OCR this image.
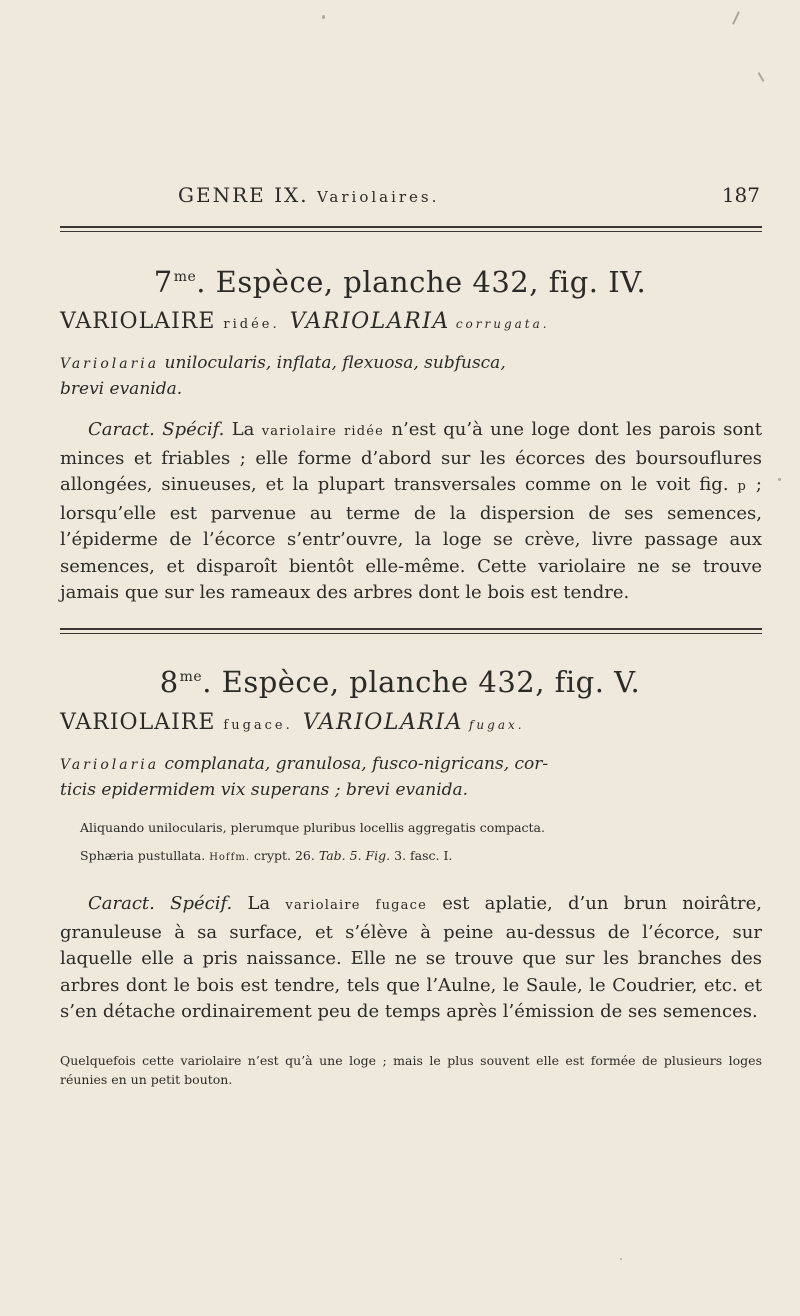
GENRE IX. Variolaires.	187
$7^{me}$. Espèce, planche 432, fig. IV.
VARIOLAIRE ridée. VARIOLARIA corrugata.
Variolaria unilocularis, inflata, flexuosa, subfusca,
brevi evanida.
Caract. Spécif. La variolaire ridée n’est qu’à une loge dont les parois sont minces et friables ; elle forme d’abord sur les écorces des boursouflures allongées, sinueuses, et la plupart transversales comme on le voit fig. p ; lorsqu’elle est parvenue au terme de la dispersion de ses semences, l’épiderme de l’écorce s’entr’ouvre, la loge se crève, livre passage aux semences, et disparoît bientôt elle-même. Cette variolaire ne se trouve jamais que sur les rameaux des arbres dont le bois est tendre.
$8^{me}$. Espèce, planche 432, fig. V.
VARIOLAIRE fugace. VARIOLARIA fugax.
Variolaria complanata, granulosa, fusco-nigricans, cor-
ticis epidermidem vix superans ; brevi evanida.
Aliquando unilocularis, plerumque pluribus locellis aggregatis compacta.
Sphæria pustullata. Hoffm. crypt. 26. Tab. 5. Fig. 3. fasc. I.
Caract. Spécif. La variolaire fugace est aplatie, d’un brun noirâtre, granuleuse à sa surface, et s’élève à peine au-dessus de l’écorce, sur laquelle elle a pris naissance. Elle ne se trouve que sur les branches des arbres dont le bois est tendre, tels que l’Aulne, le Saule, le Coudrier, etc. et s’en détache ordinairement peu de temps après l’émission de ses semences.
Quelquefois cette variolaire n’est qu’à une loge ; mais le plus souvent elle est formée de plusieurs loges réunies en un petit bouton.
